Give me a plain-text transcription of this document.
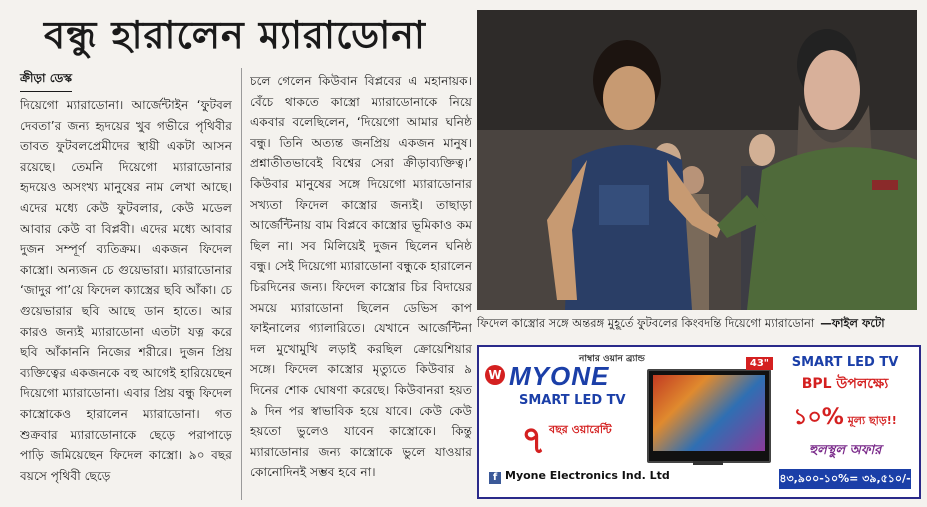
বন্ধু হারালেন ম্যারাডোনা
ক্রীড়া ডেস্ক

দিয়েগো ম্যারাডোনা। আর্জেন্টাইন ‘ফুটবল দেবতা’র জন্য হৃদয়ের খুব গভীরে পৃথিবীর তাবত ফুটবলপ্রেমীদের স্থায়ী একটা আসন রয়েছে। তেমনি দিয়েগো ম্যারাডোনার হৃদয়েও অসংখ্য মানুষের নাম লেখা আছে। এদের মধ্যে কেউ ফুটবলার, কেউ মডেল আবার কেউ বা বিপ্লবী। এদের মধ্যে আবার দুজন সম্পূর্ণ ব্যতিক্রম। একজন ফিদেল কাস্ত্রো। অন্যজন চে গুয়েভারা। ম্যারাডোনার ‘জাদুর পা’য়ে ফিদেল ক্যাস্ত্রের ছবি আঁকা। চে গুয়েভারার ছবি আছে ডান হাতে। আর কারও জন্যই ম্যারাডোনা এতটা যত্ন করে ছবি আঁকাননি নিজের শরীরে। দুজন প্রিয় ব্যক্তিত্বের একজনকে বহু আগেই হারিয়েছেন দিয়েগো ম্যারাডোনা। এবার প্রিয় বন্ধু ফিদেল কাস্ত্রোকেও হারালেন ম্যারাডোনা। গত শুক্রবার ম্যারাডোনাকে ছেড়ে পরাপাড়ে পাড়ি জমিয়েছেন ফিদেল কাস্ত্রো। ৯০ বছর বয়সে পৃথিবী ছেড়ে

চলে গেলেন কিউবান বিপ্লবের এ মহানায়ক। বেঁচে থাকতে কাস্ত্রো ম্যারাডোনাকে নিয়ে একবার বলেছিলেন, ‘দিয়েগো আমার ঘনিষ্ঠ বন্ধু। তিনি অত্যন্ত জনপ্রিয় একজন মানুষ। প্রশ্নাতীতভাবেই বিশ্বের সেরা ক্রীড়াব্যক্তিত্ব।’ কিউবার মানুষের সঙ্গে দিয়েগো ম্যারাডোনার সখ্যতা ফিদেল কাস্ত্রোর জন্যই। তাছাড়া আর্জেন্টিনায় বাম বিপ্লবে কাস্ত্রোর ভূমিকাও কম ছিল না। সব মিলিয়েই দুজন ছিলেন ঘনিষ্ঠ বন্ধু। সেই দিয়েগো ম্যারাডোনা বন্ধুকে হারালেন চিরদিনের জন্য। ফিদেল কাস্ত্রোর চির বিদায়ের সময়ে ম্যারাডোনা ছিলেন ডেভিস কাপ ফাইনালের গ্যালারিতে। যেখানে আর্জেন্টিনা দল মুখোমুখি লড়াই করছিল ক্রোয়েশিয়ার সঙ্গে। ফিদেল কাস্ত্রোর মৃত্যুতে কিউবার ৯ দিনের শোক ঘোষণা করেছে। কিউবানরা হয়ত ৯ দিন পর স্বাভাবিক হয়ে যাবে। কেউ কেউ হয়তো ভুলেও যাবেন কাস্ত্রোকে। কিন্তু ম্যারাডোনার জন্য কাস্ত্রোকে ভুলে যাওয়ার কোনোদিনই সম্ভব হবে না।

ফিদেল কাস্ত্রোর সঙ্গে অন্তরঙ্গ মুহূর্তে ফুটবলের কিংবদন্তি দিয়েগো ম্যারাডোনা —ফাইল ফটো
নাম্বার ওয়ান ব্র্যান্ড
W MYONE
SMART LED TV
৭ বছর ওয়ারেন্টি
43"
f Myone Electronics Ind. Ltd
SMART LED TV
BPL উপলক্ষ্যে
১০% মূল্য ছাড়!!
হুলস্থুল অফার
৪৩,৯০০-১০%= ৩৯,৫১০/-
